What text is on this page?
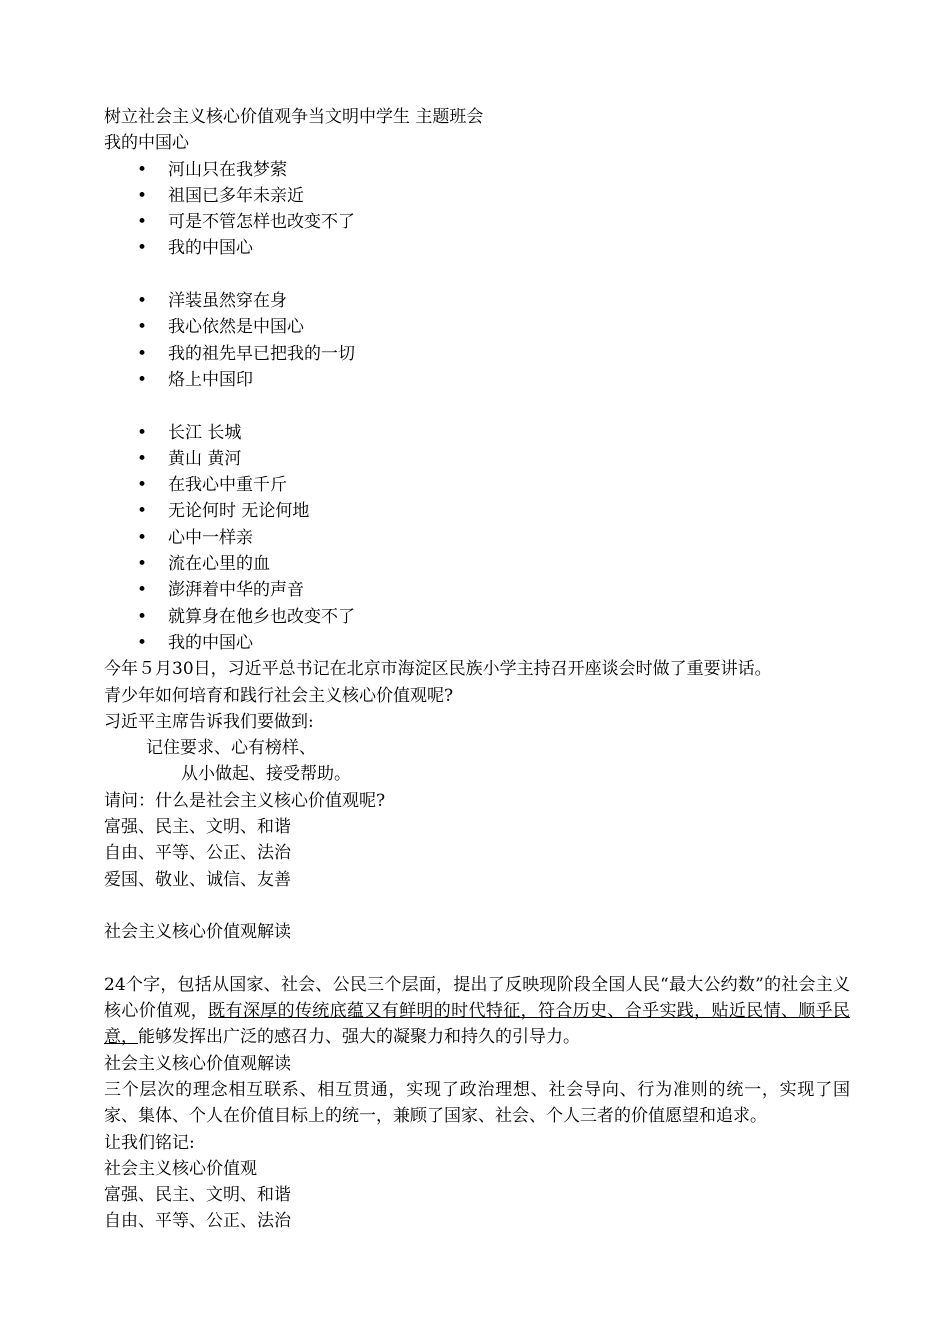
树立社会主义核心价值观争当文明中学生 主题班会
我的中国心
• 河山只在我梦萦
• 祖国已多年未亲近
• 可是不管怎样也改变不了
• 我的中国心
• 洋装虽然穿在身
• 我心依然是中国心
• 我的祖先早已把我的一切
• 烙上中国印
• 长江 长城
• 黄山 黄河
• 在我心中重千斤
• 无论何时 无论何地
• 心中一样亲
• 流在心里的血
• 澎湃着中华的声音
• 就算身在他乡也改变不了
• 我的中国心
今年５月30日，习近平总书记在北京市海淀区民族小学主持召开座谈会时做了重要讲话。
青少年如何培育和践行社会主义核心价值观呢?
习近平主席告诉我们要做到:
记住要求、心有榜样、
从小做起、接受帮助。
请问：什么是社会主义核心价值观呢?
富强、民主、文明、和谐
自由、平等、公正、法治
爱国、敬业、诚信、友善
社会主义核心价值观解读
24个字，包括从国家、社会、公民三个层面，提出了反映现阶段全国人民“最大公约数”的社会主义核心价值观，既有深厚的传统底蕴又有鲜明的时代特征，符合历史、合乎实践，贴近民情、顺乎民意，能够发挥出广泛的感召力、强大的凝聚力和持久的引导力。
社会主义核心价值观解读
三个层次的理念相互联系、相互贯通，实现了政治理想、社会导向、行为准则的统一，实现了国家、集体、个人在价值目标上的统一，兼顾了国家、社会、个人三者的价值愿望和追求。
让我们铭记:
社会主义核心价值观
富强、民主、文明、和谐
自由、平等、公正、法治
